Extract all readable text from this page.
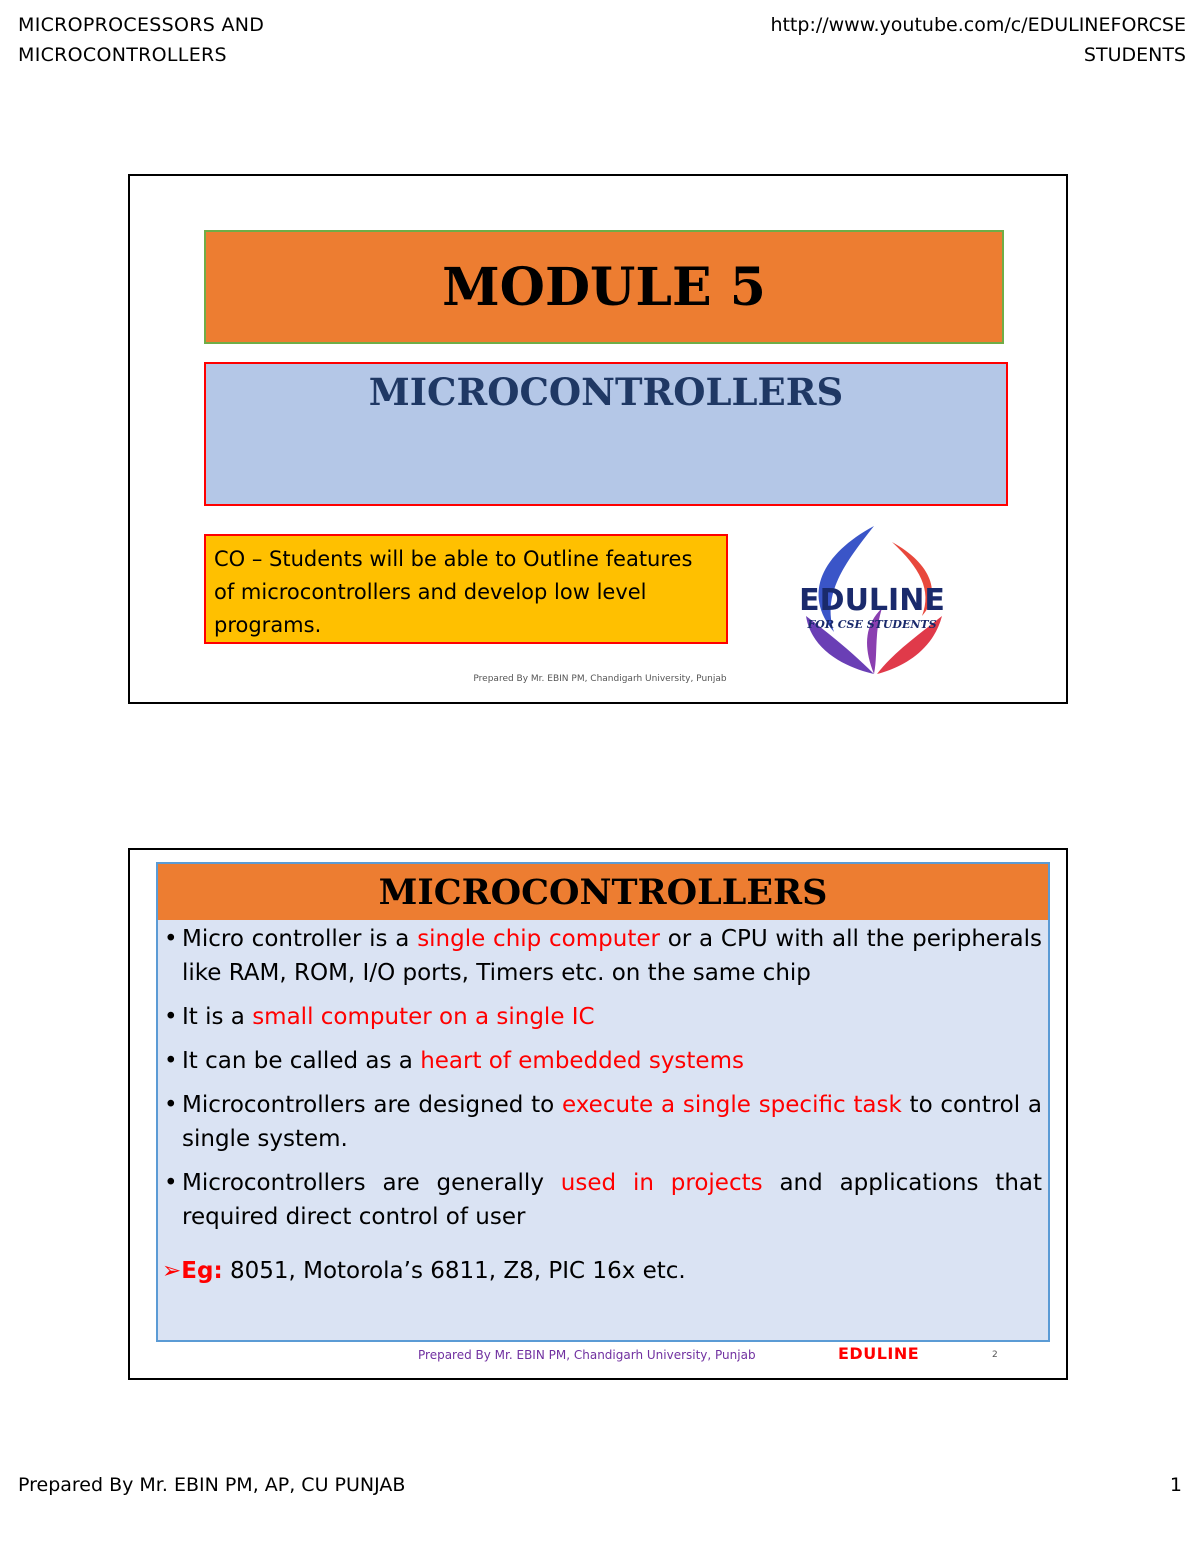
MICROPROCESSORS AND
MICROCONTROLLERS
http://www.youtube.com/c/EDULINEFORCSE
STUDENTS
MODULE 5
MICROCONTROLLERS
CO – Students will be able to Outline features of microcontrollers and develop low level programs.
EDULINE
FOR CSE STUDENTS
Prepared By Mr. EBIN PM, Chandigarh University, Punjab
MICROCONTROLLERS
• Micro controller is a single chip computer or a CPU with all the peripherals like RAM, ROM, I/O ports, Timers etc. on the same chip
• It is a small computer on a single IC
• It can be called as a heart of embedded systems
• Microcontrollers are designed to execute a single specific task to control a single system.
• Microcontrollers are generally used in projects and applications that required direct control of user
➢Eg: 8051, Motorola’s 6811, Z8, PIC 16x etc.
Prepared By Mr. EBIN PM, Chandigarh University, Punjab	EDULINE	2
Prepared By Mr. EBIN PM, AP, CU PUNJAB	1
